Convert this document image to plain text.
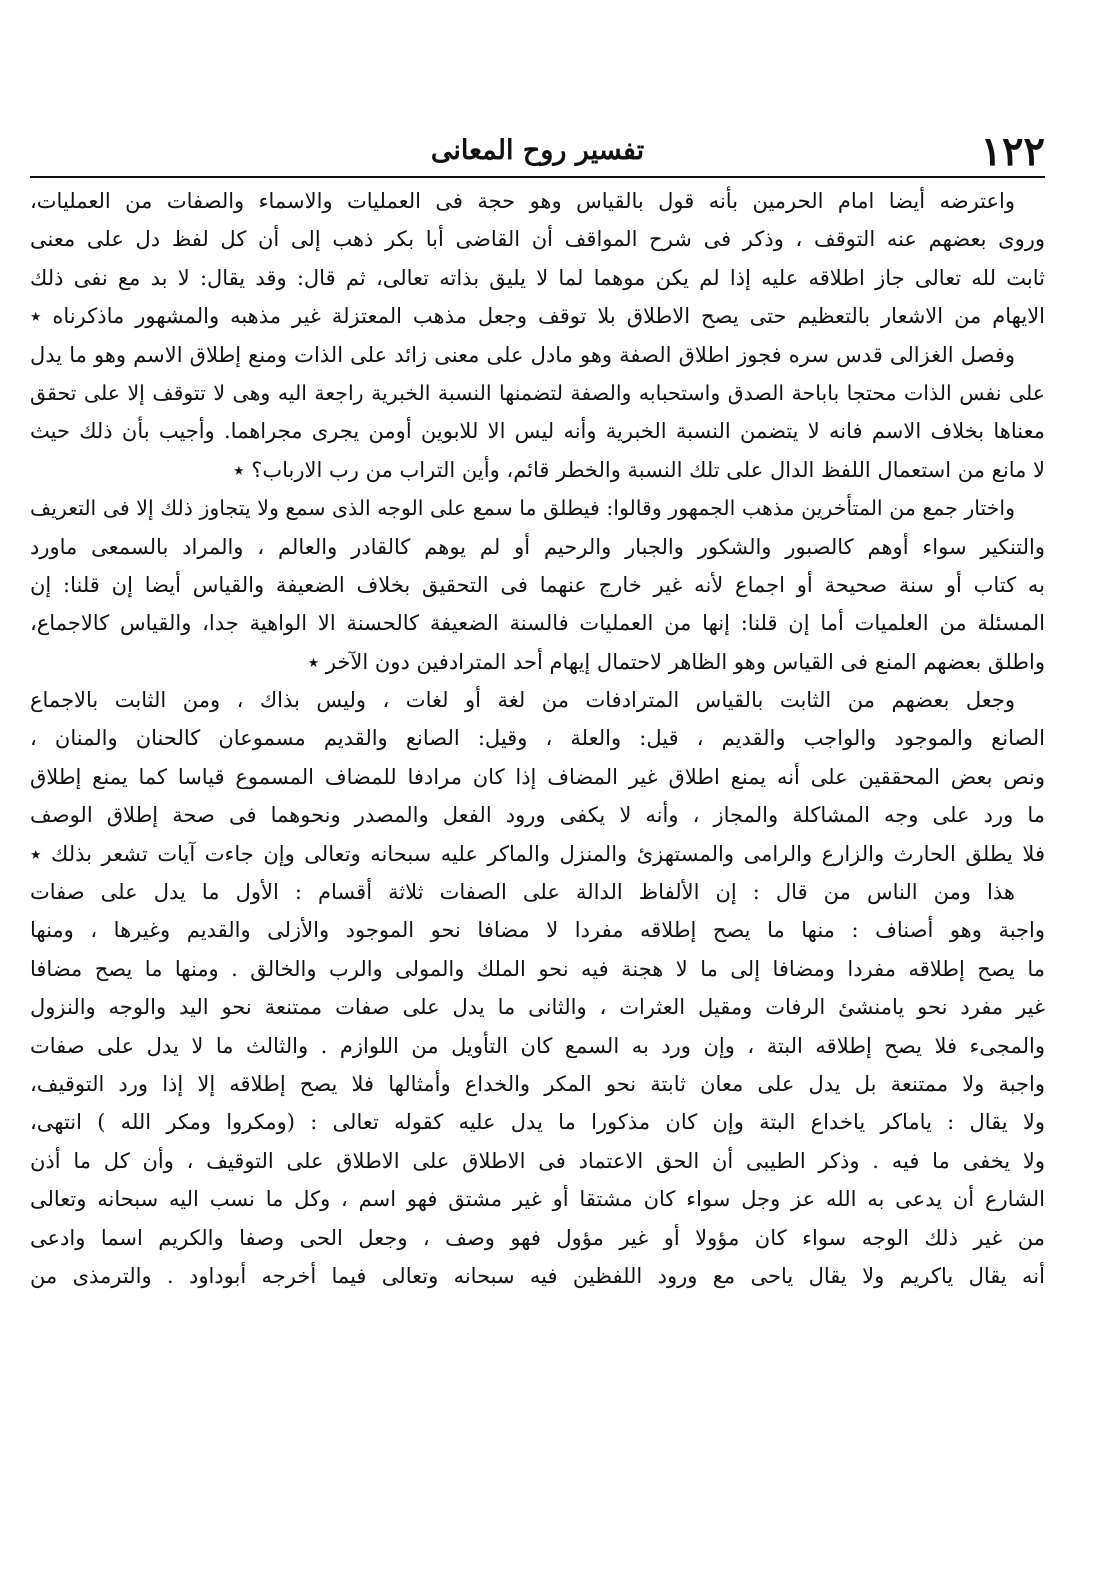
١٢٢
تفسير روح المعانى
واعترضه أيضا امام الحرمين بأنه قول بالقياس وهو حجة فى العمليات والاسماء والصفات من العمليات،
وروى بعضهم عنه التوقف ، وذكر فى شرح المواقف أن القاضى أبا بكر ذهب إلى أن كل لفظ دل على معنى
ثابت لله تعالى جاز اطلاقه عليه إذا لم يكن موهما لما لا يليق بذاته تعالى، ثم قال: وقد يقال: لا بد مع نفى ذلك
الايهام من الاشعار بالتعظيم حتى يصح الاطلاق بلا توقف وجعل مذهب المعتزلة غير مذهبه والمشهور ماذكرناه ٭
وفصل الغزالى قدس سره فجوز اطلاق الصفة وهو مادل على معنى زائد على الذات ومنع إطلاق الاسم وهو ما يدل
على نفس الذات محتجا باباحة الصدق واستحبابه والصفة لتضمنها النسبة الخبرية راجعة اليه وهى لا تتوقف إلا على تحقق
معناها بخلاف الاسم فانه لا يتضمن النسبة الخبرية وأنه ليس الا للابوين أومن يجرى مجراهما. وأجيب بأن ذلك حيث
لا مانع من استعمال اللفظ الدال على تلك النسبة والخطر قائم، وأين التراب من رب الارباب؟ ٭
واختار جمع من المتأخرين مذهب الجمهور وقالوا: فيطلق ما سمع على الوجه الذى سمع ولا يتجاوز ذلك إلا فى التعريف
والتنكير سواء أوهم كالصبور والشكور والجبار والرحيم أو لم يوهم كالقادر والعالم ، والمراد بالسمعى ماورد
به كتاب أو سنة صحيحة أو اجماع لأنه غير خارج عنهما فى التحقيق بخلاف الضعيفة والقياس أيضا إن قلنا: إن
المسئلة من العلميات أما إن قلنا: إنها من العمليات فالسنة الضعيفة كالحسنة الا الواهية جدا، والقياس كالاجماع،
واطلق بعضهم المنع فى القياس وهو الظاهر لاحتمال إيهام أحد المترادفين دون الآخر ٭
وجعل بعضهم من الثابت بالقياس المترادفات من لغة أو لغات ، وليس بذاك ، ومن الثابت بالاجماع
الصانع والموجود والواجب والقديم ، قيل: والعلة ، وقيل: الصانع والقديم مسموعان كالحنان والمنان ،
ونص بعض المحققين على أنه يمنع اطلاق غير المضاف إذا كان مرادفا للمضاف المسموع قياسا كما يمنع إطلاق
ما ورد على وجه المشاكلة والمجاز ، وأنه لا يكفى ورود الفعل والمصدر ونحوهما فى صحة إطلاق الوصف
فلا يطلق الحارث والزارع والرامى والمستهزئ والمنزل والماكر عليه سبحانه وتعالى وإن جاءت آيات تشعر بذلك ٭
هذا ومن الناس من قال : إن الألفاظ الدالة على الصفات ثلاثة أقسام : الأول ما يدل على صفات
واجبة وهو أصناف : منها ما يصح إطلاقه مفردا لا مضافا نحو الموجود والأزلى والقديم وغيرها ، ومنها
ما يصح إطلاقه مفردا ومضافا إلى ما لا هجنة فيه نحو الملك والمولى والرب والخالق . ومنها ما يصح مضافا
غير مفرد نحو يامنشئ الرفات ومقيل العثرات ، والثانى ما يدل على صفات ممتنعة نحو اليد والوجه والنزول
والمجىء فلا يصح إطلاقه البتة ، وإن ورد به السمع كان التأويل من اللوازم . والثالث ما لا يدل على صفات
واجبة ولا ممتنعة بل يدل على معان ثابتة نحو المكر والخداع وأمثالها فلا يصح إطلاقه إلا إذا ورد التوقيف،
ولا يقال : ياماكر ياخداع البتة وإن كان مذكورا ما يدل عليه كقوله تعالى : (ومكروا ومكر الله ) انتهى،
ولا يخفى ما فيه . وذكر الطيبى أن الحق الاعتماد فى الاطلاق على الاطلاق على التوقيف ، وأن كل ما أذن
الشارع أن يدعى به الله عز وجل سواء كان مشتقا أو غير مشتق فهو اسم ، وكل ما نسب اليه سبحانه وتعالى
من غير ذلك الوجه سواء كان مؤولا أو غير مؤول فهو وصف ، وجعل الحى وصفا والكريم اسما وادعى
أنه يقال ياكريم ولا يقال ياحى مع ورود اللفظين فيه سبحانه وتعالى فيما أخرجه أبوداود . والترمذى من
